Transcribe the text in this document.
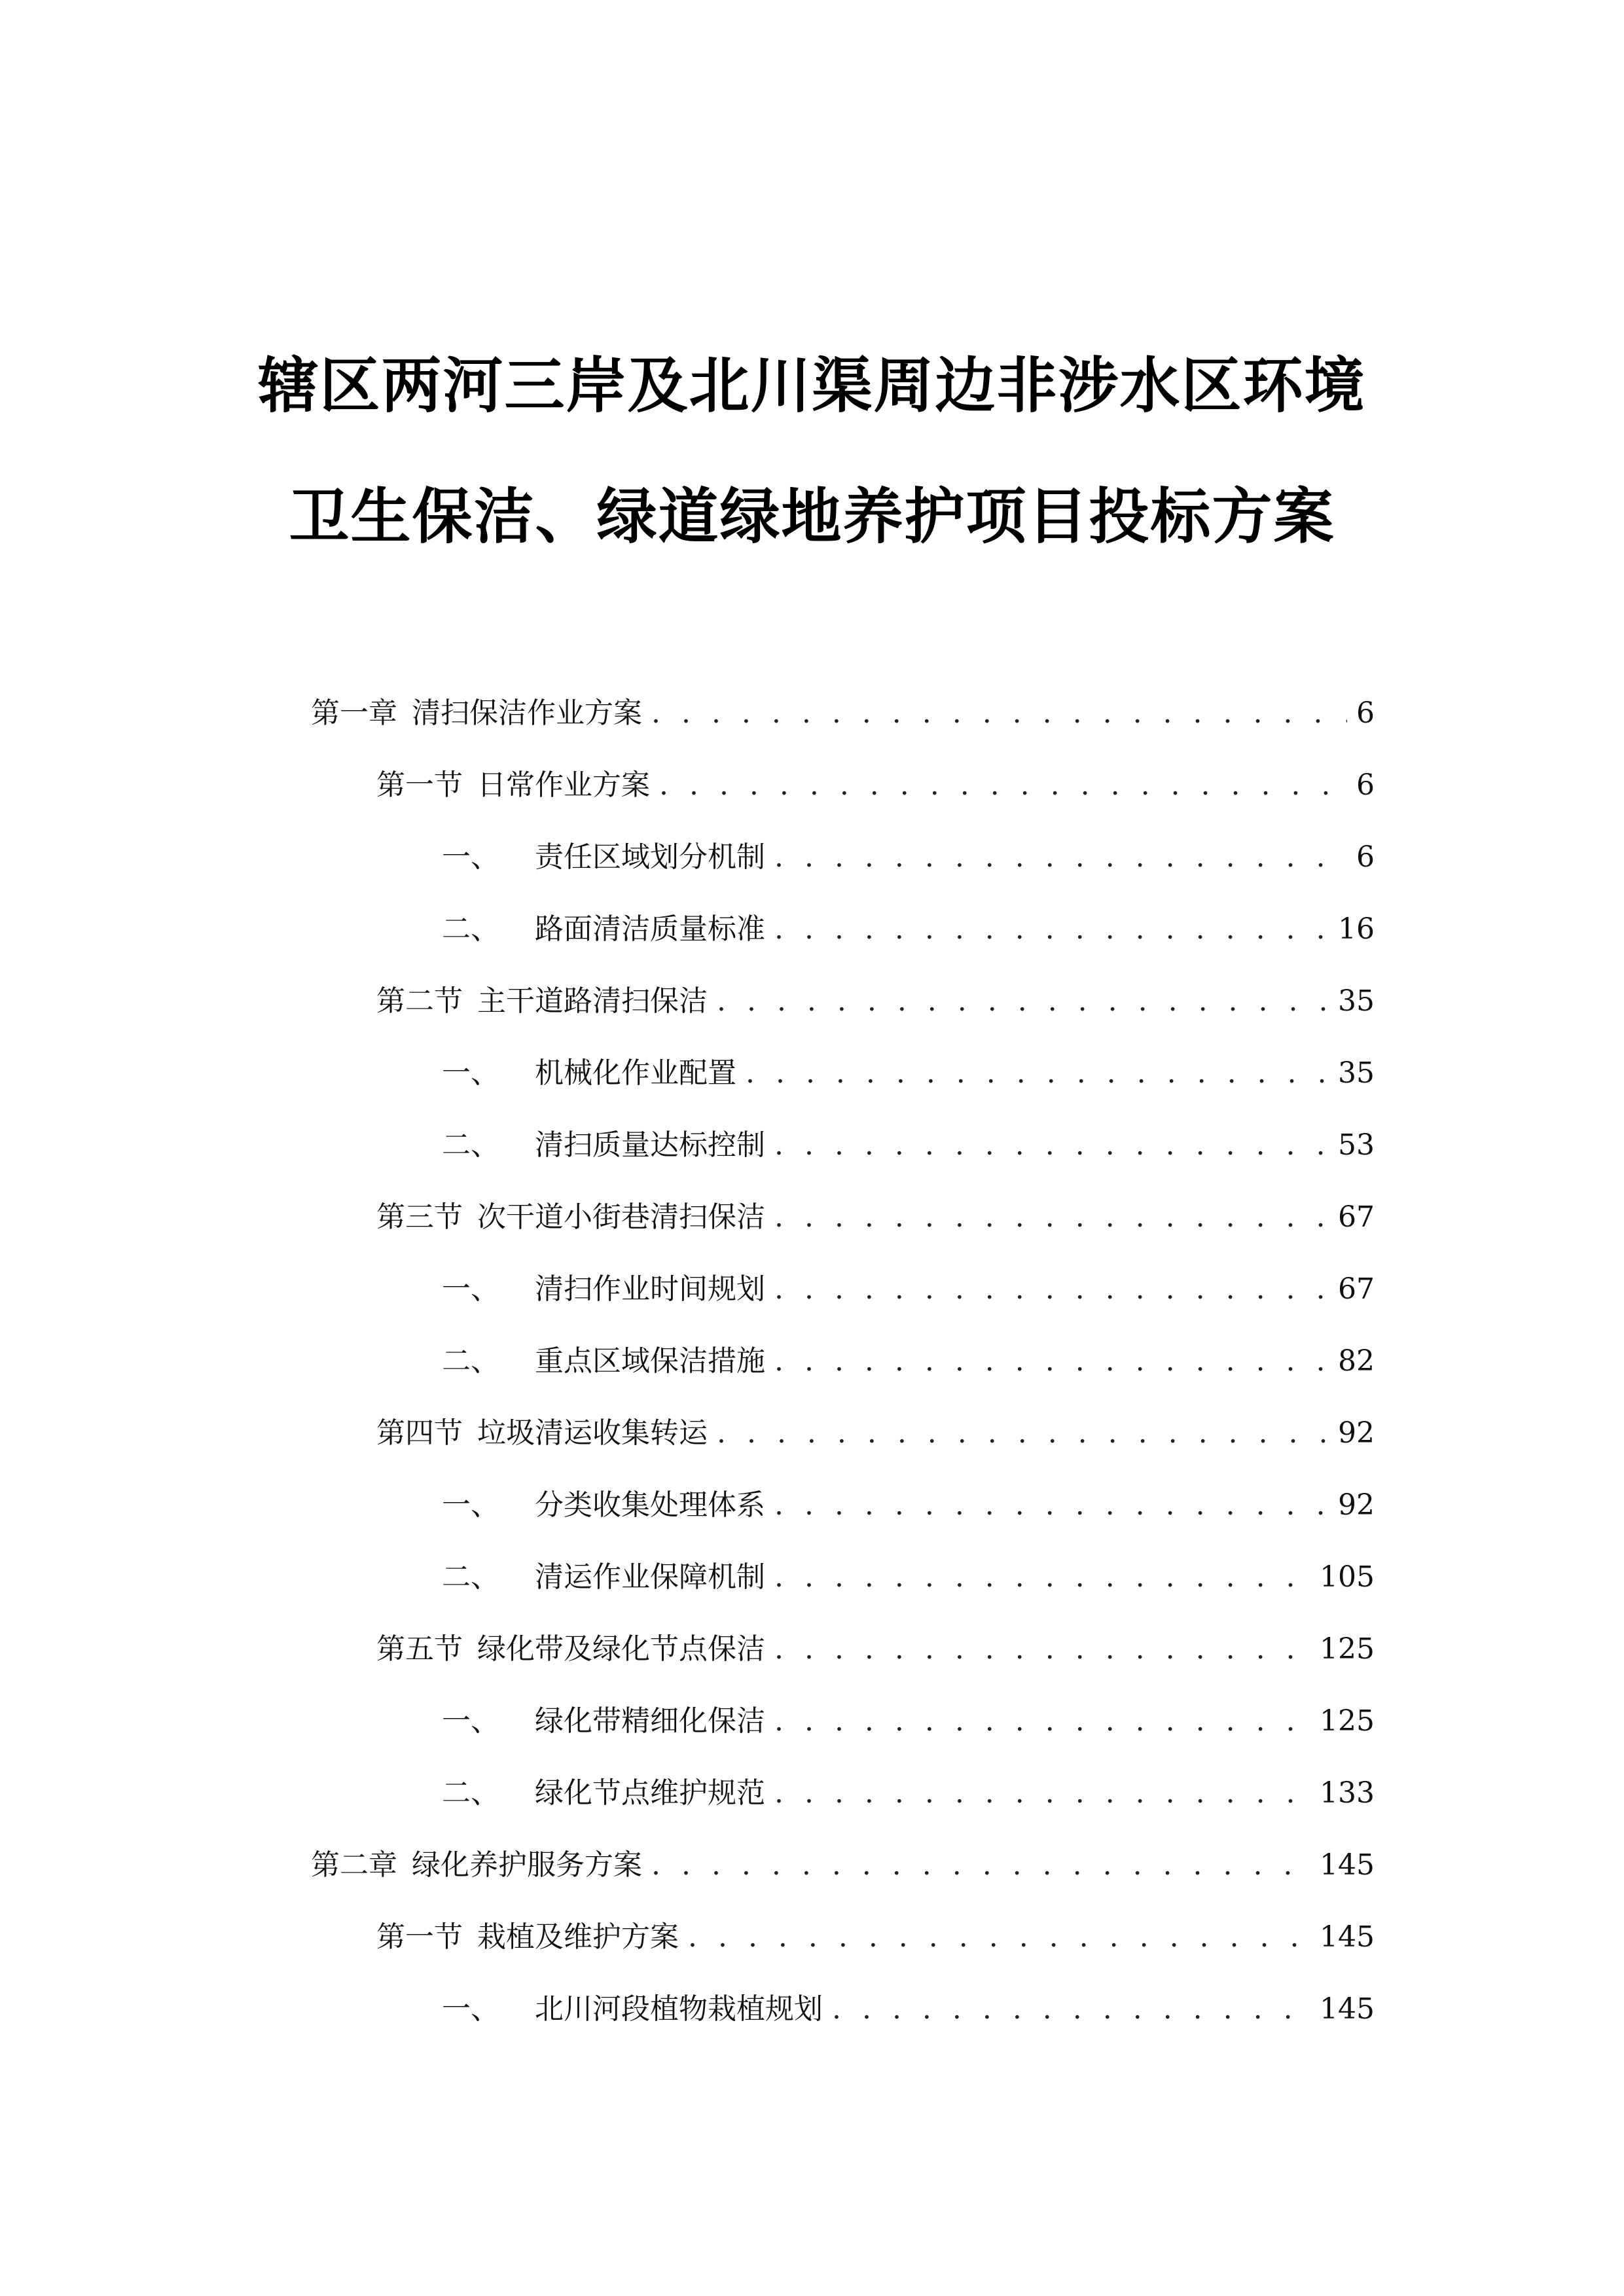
辖区两河三岸及北川渠周边非涉水区环境
卫生保洁、绿道绿地养护项目投标方案
第一章 清扫保洁作业方案 . . .	6
第一节 日常作业方案 . . .	6
一、	责任区域划分机制 . . .	6
二、	路面清洁质量标准 . . .	16
第二节 主干道路清扫保洁 . . .	35
一、	机械化作业配置 . . .	35
二、	清扫质量达标控制 . . .	53
第三节 次干道小街巷清扫保洁 . . .	67
一、	清扫作业时间规划 . . .	67
二、	重点区域保洁措施 . . .	82
第四节 垃圾清运收集转运 . . .	92
一、	分类收集处理体系 . . .	92
二、	清运作业保障机制 . . .	105
第五节 绿化带及绿化节点保洁 . . .	125
一、	绿化带精细化保洁 . . .	125
二、	绿化节点维护规范 . . .	133
第二章 绿化养护服务方案 . . .	145
第一节 栽植及维护方案 . . .	145
一、	北川河段植物栽植规划 . . .	145
